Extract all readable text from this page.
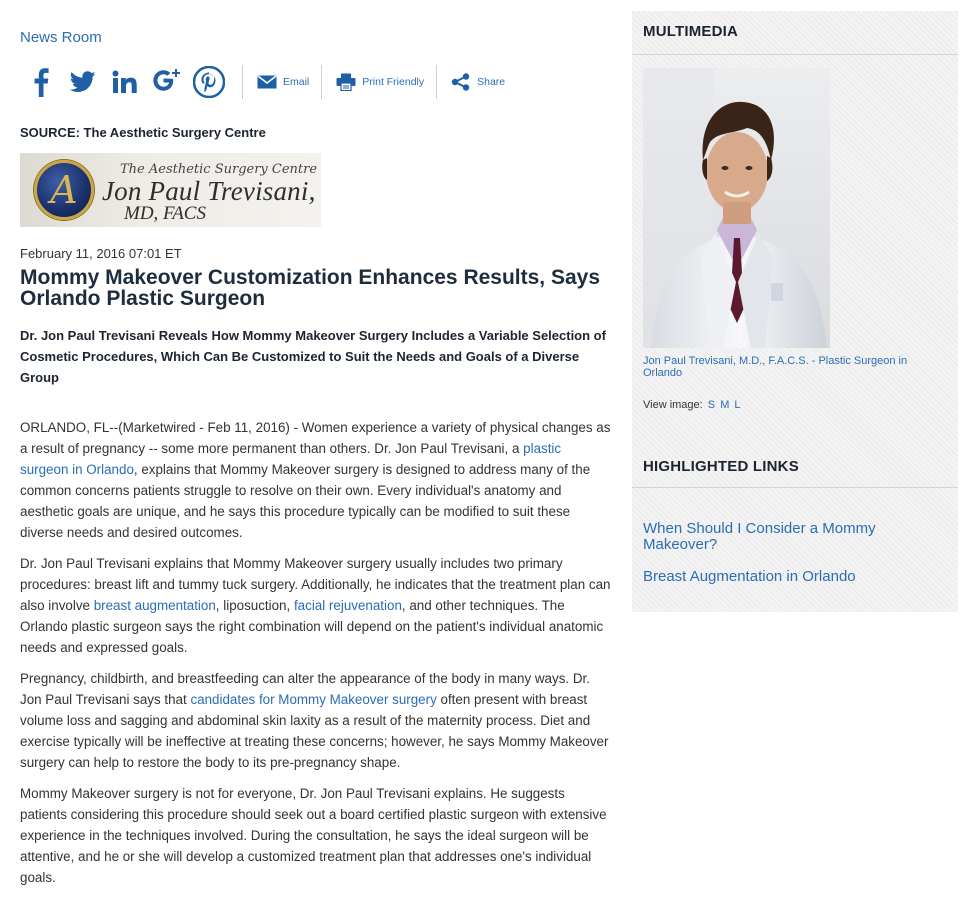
News Room
Email	Print Friendly	Share
SOURCE: The Aesthetic Surgery Centre
A	The Aesthetic Surgery Centre
Jon Paul Trevisani,
MD, FACS
February 11, 2016 07:01 ET
Mommy Makeover Customization Enhances Results, Says Orlando Plastic Surgeon
Dr. Jon Paul Trevisani Reveals How Mommy Makeover Surgery Includes a Variable Selection of Cosmetic Procedures, Which Can Be Customized to Suit the Needs and Goals of a Diverse Group

ORLANDO, FL--(Marketwired - Feb 11, 2016) - Women experience a variety of physical changes as a result of pregnancy -- some more permanent than others. Dr. Jon Paul Trevisani, a plastic surgeon in Orlando, explains that Mommy Makeover surgery is designed to address many of the common concerns patients struggle to resolve on their own. Every individual's anatomy and aesthetic goals are unique, and he says this procedure typically can be modified to suit these diverse needs and desired outcomes.

Dr. Jon Paul Trevisani explains that Mommy Makeover surgery usually includes two primary procedures: breast lift and tummy tuck surgery. Additionally, he indicates that the treatment plan can also involve breast augmentation, liposuction, facial rejuvenation, and other techniques. The Orlando plastic surgeon says the right combination will depend on the patient's individual anatomic needs and expressed goals.

Pregnancy, childbirth, and breastfeeding can alter the appearance of the body in many ways. Dr. Jon Paul Trevisani says that candidates for Mommy Makeover surgery often present with breast volume loss and sagging and abdominal skin laxity as a result of the maternity process. Diet and exercise typically will be ineffective at treating these concerns; however, he says Mommy Makeover surgery can help to restore the body to its pre-pregnancy shape.

Mommy Makeover surgery is not for everyone, Dr. Jon Paul Trevisani explains. He suggests patients considering this procedure should seek out a board certified plastic surgeon with extensive experience in the techniques involved. During the consultation, he says the ideal surgeon will be attentive, and he or she will develop a customized treatment plan that addresses one's individual goals.

MULTIMEDIA
Jon Paul Trevisani, M.D., F.A.C.S. - Plastic Surgeon in Orlando
View image: S M L
HIGHLIGHTED LINKS
When Should I Consider a Mommy Makeover?
Breast Augmentation in Orlando
